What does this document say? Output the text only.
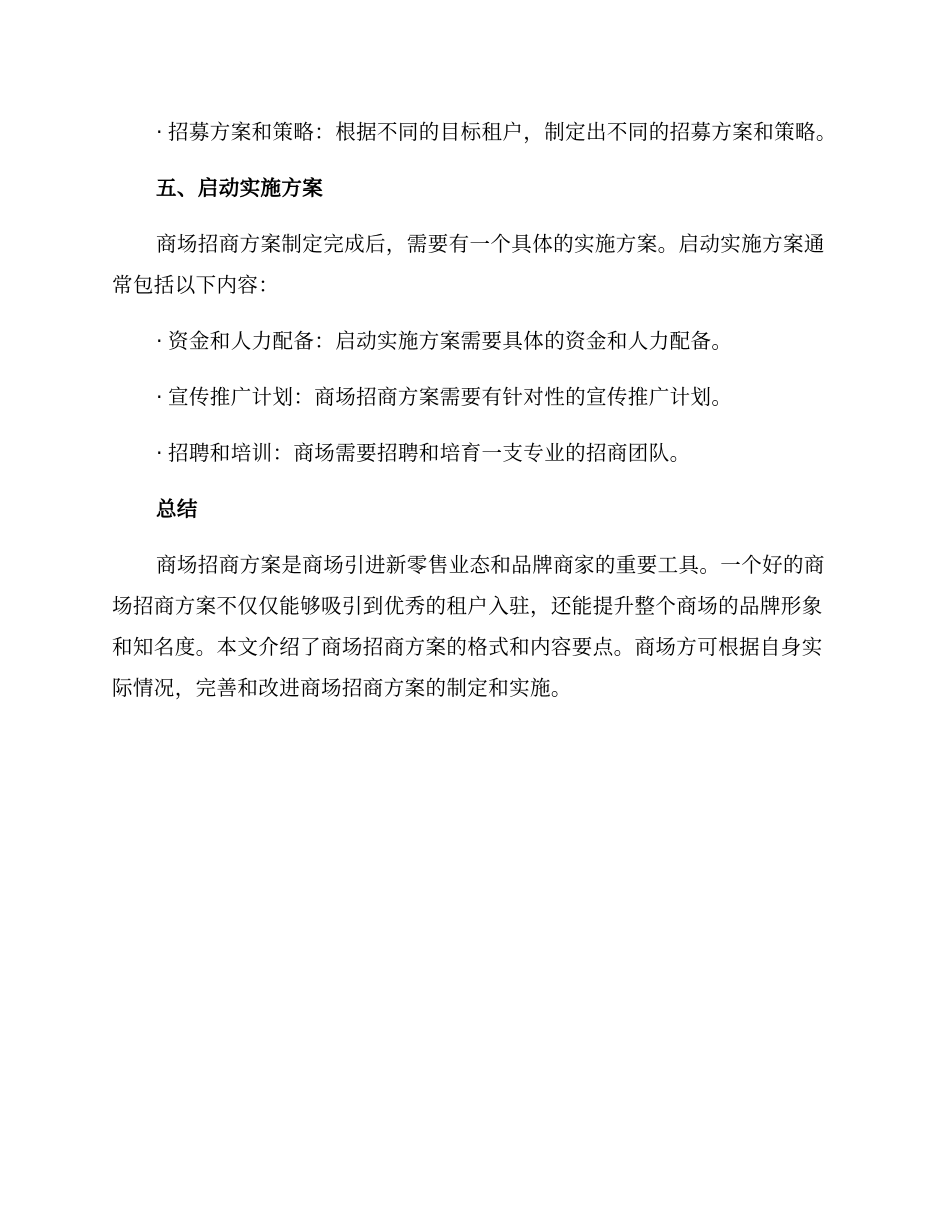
· 招募方案和策略：根据不同的目标租户，制定出不同的招募方案和策略。

五、启动实施方案

商场招商方案制定完成后，需要有一个具体的实施方案。启动实施方案通常包括以下内容：

· 资金和人力配备：启动实施方案需要具体的资金和人力配备。

· 宣传推广计划：商场招商方案需要有针对性的宣传推广计划。

· 招聘和培训：商场需要招聘和培育一支专业的招商团队。

总结

商场招商方案是商场引进新零售业态和品牌商家的重要工具。一个好的商场招商方案不仅仅能够吸引到优秀的租户入驻，还能提升整个商场的品牌形象和知名度。本文介绍了商场招商方案的格式和内容要点。商场方可根据自身实际情况，完善和改进商场招商方案的制定和实施。
